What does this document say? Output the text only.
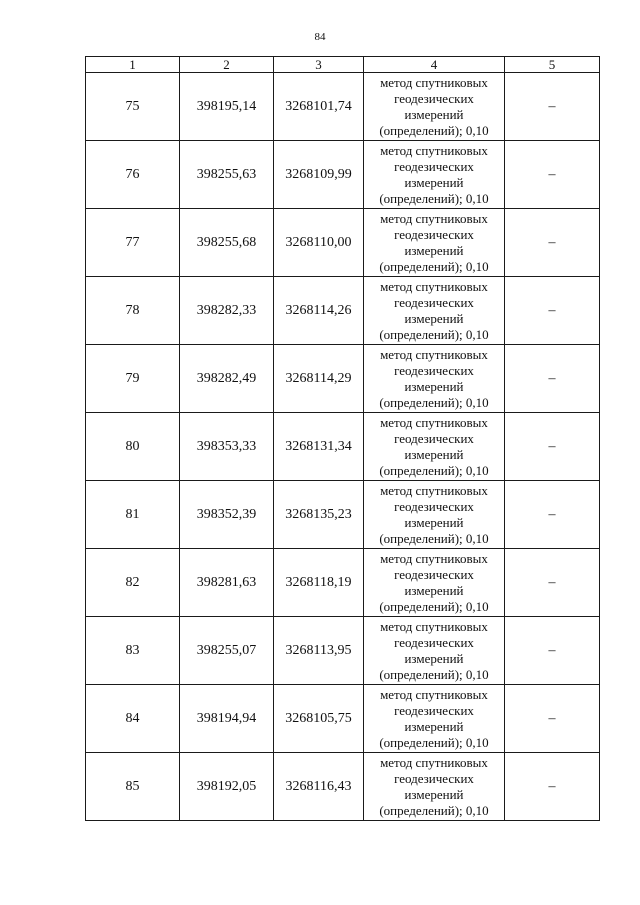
84
1	2	3	4	5
75	398195,14	3268101,74	метод спутниковых
геодезических
измерений
(определений); 0,10	–
76	398255,63	3268109,99	метод спутниковых
геодезических
измерений
(определений); 0,10	–
77	398255,68	3268110,00	метод спутниковых
геодезических
измерений
(определений); 0,10	–
78	398282,33	3268114,26	метод спутниковых
геодезических
измерений
(определений); 0,10	–
79	398282,49	3268114,29	метод спутниковых
геодезических
измерений
(определений); 0,10	–
80	398353,33	3268131,34	метод спутниковых
геодезических
измерений
(определений); 0,10	–
81	398352,39	3268135,23	метод спутниковых
геодезических
измерений
(определений); 0,10	–
82	398281,63	3268118,19	метод спутниковых
геодезических
измерений
(определений); 0,10	–
83	398255,07	3268113,95	метод спутниковых
геодезических
измерений
(определений); 0,10	–
84	398194,94	3268105,75	метод спутниковых
геодезических
измерений
(определений); 0,10	–
85	398192,05	3268116,43	метод спутниковых
геодезических
измерений
(определений); 0,10	–
